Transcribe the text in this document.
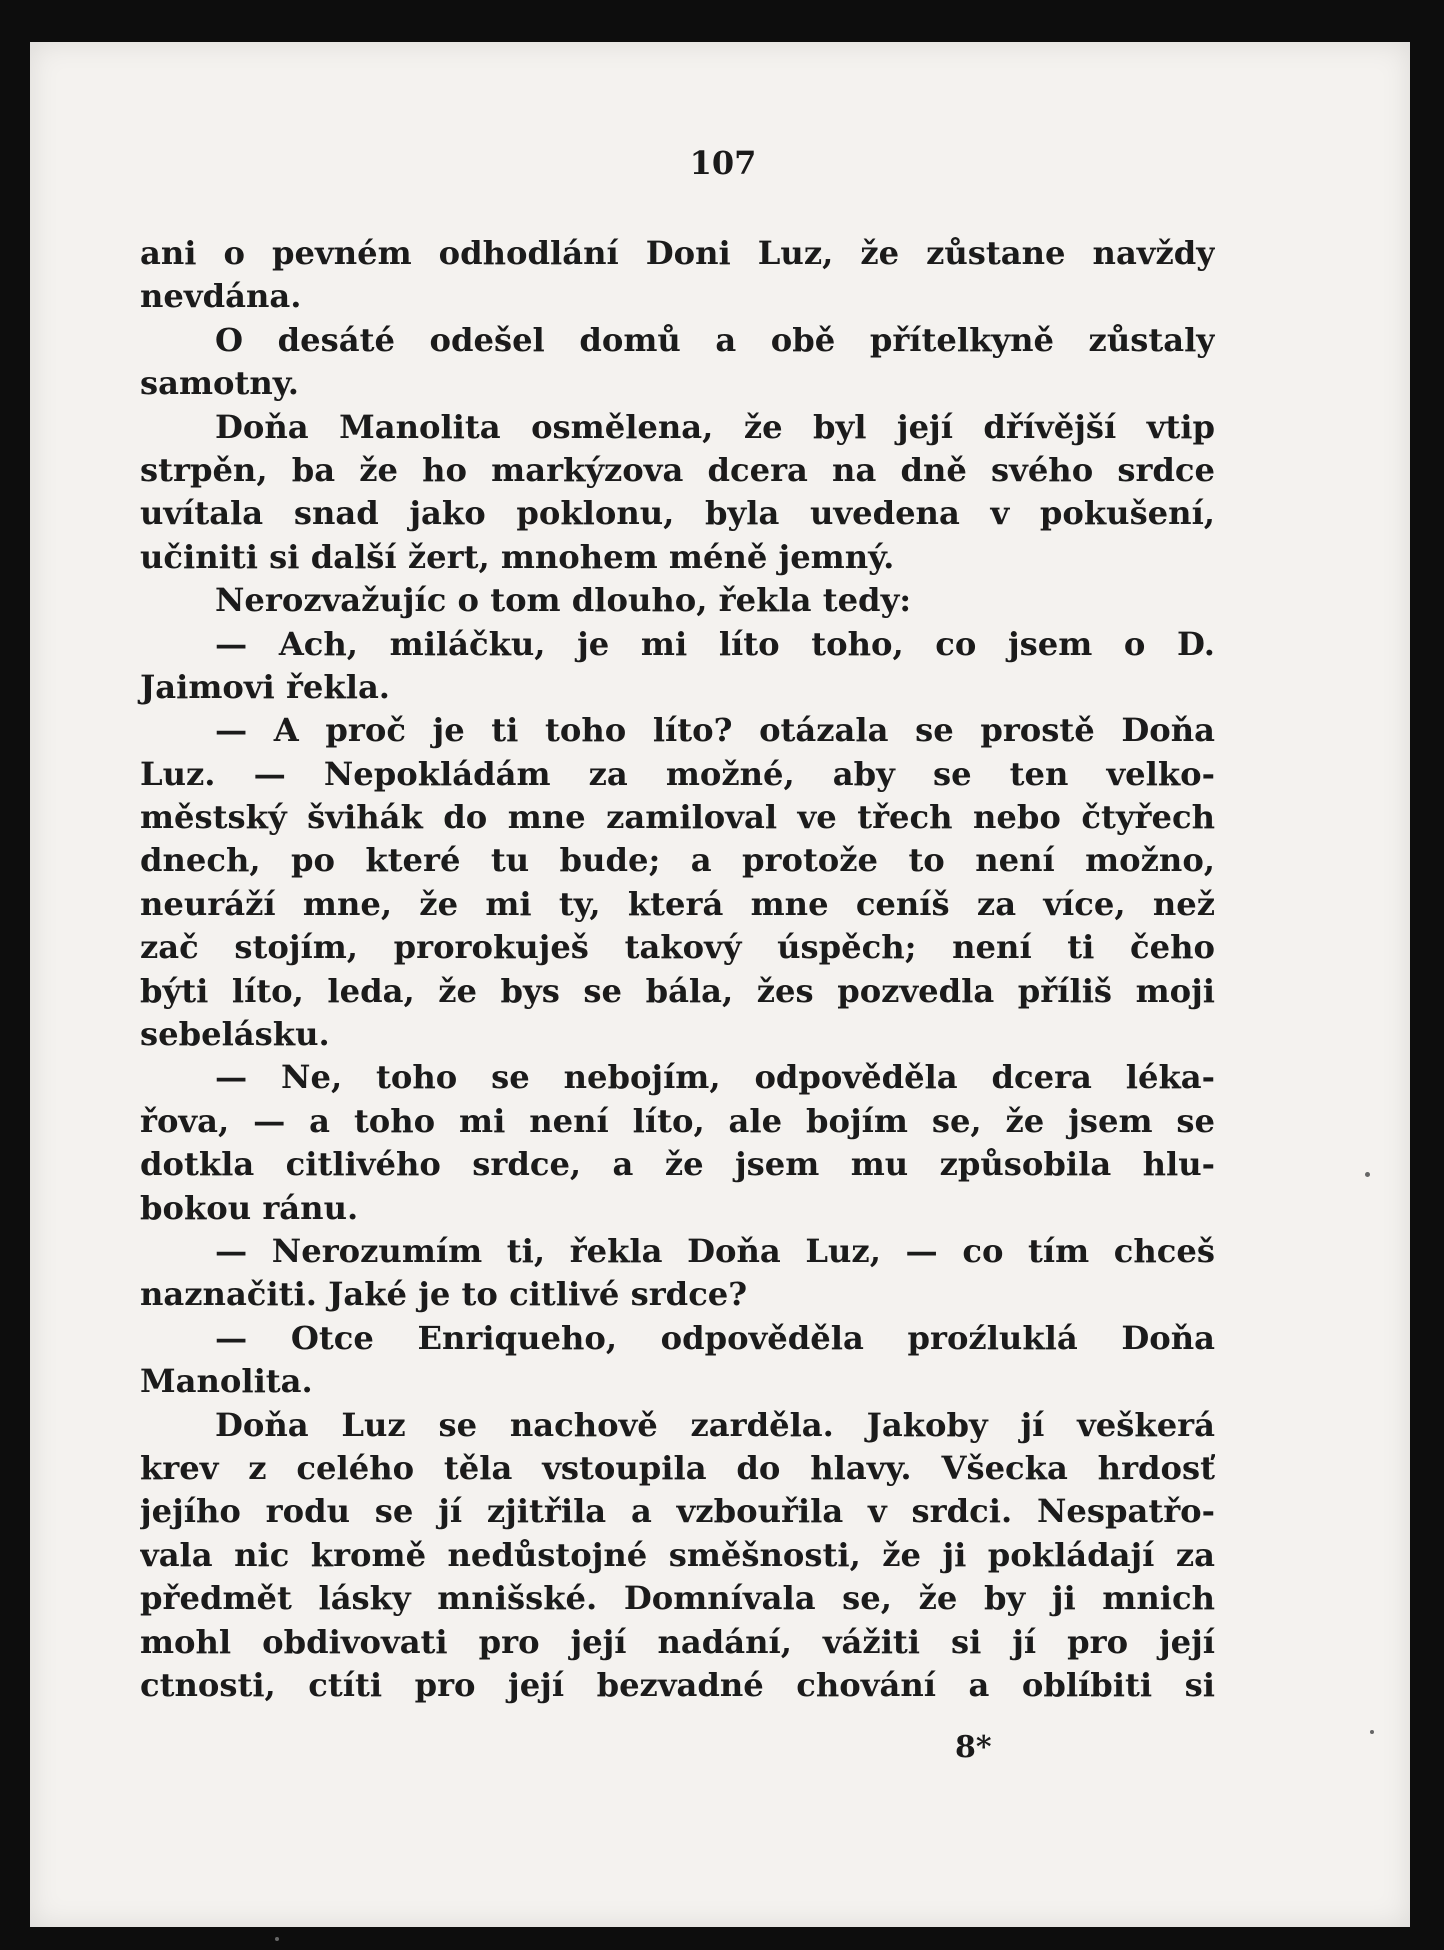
107
ani o pevném odhodlání Doni Luz, že zůstane navždy
nevdána.
O desáté odešel domů a obě přítelkyně zůstaly
samotny.
Doňa Manolita osmělena, že byl její dřívější vtip
strpěn, ba že ho markýzova dcera na dně svého srdce
uvítala snad jako poklonu, byla uvedena v pokušení,
učiniti si další žert, mnohem méně jemný.
Nerozvažujíc o tom dlouho, řekla tedy:
— Ach, miláčku, je mi líto toho, co jsem o D.
Jaimovi řekla.
— A proč je ti toho líto? otázala se prostě Doňa
Luz. — Nepokládám za možné, aby se ten velko-
městský švihák do mne zamiloval ve třech nebo čtyřech
dnech, po které tu bude; a protože to není možno,
neuráží mne, že mi ty, která mne ceníš za více, než
zač stojím, prorokuješ takový úspěch; není ti čeho
býti líto, leda, že bys se bála, žes pozvedla příliš moji
sebelásku.
— Ne, toho se nebojím, odpověděla dcera léka-
řova, — a toho mi není líto, ale bojím se, že jsem se
dotkla citlivého srdce, a že jsem mu způsobila hlu-
bokou ránu.
— Nerozumím ti, řekla Doňa Luz, — co tím chceš
naznačiti. Jaké je to citlivé srdce?
— Otce Enriqueho, odpověděla proźluklá Doňa
Manolita.
Doňa Luz se nachově zarděla. Jakoby jí veškerá
krev z celého těla vstoupila do hlavy. Všecka hrdosť
jejího rodu se jí zjitřila a vzbouřila v srdci. Nespatřo-
vala nic kromě nedůstojné směšnosti, že ji pokládají za
předmět lásky mnišské. Domnívala se, že by ji mnich
mohl obdivovati pro její nadání, vážiti si jí pro její
ctnosti, ctíti pro její bezvadné chování a oblíbiti si
8*
